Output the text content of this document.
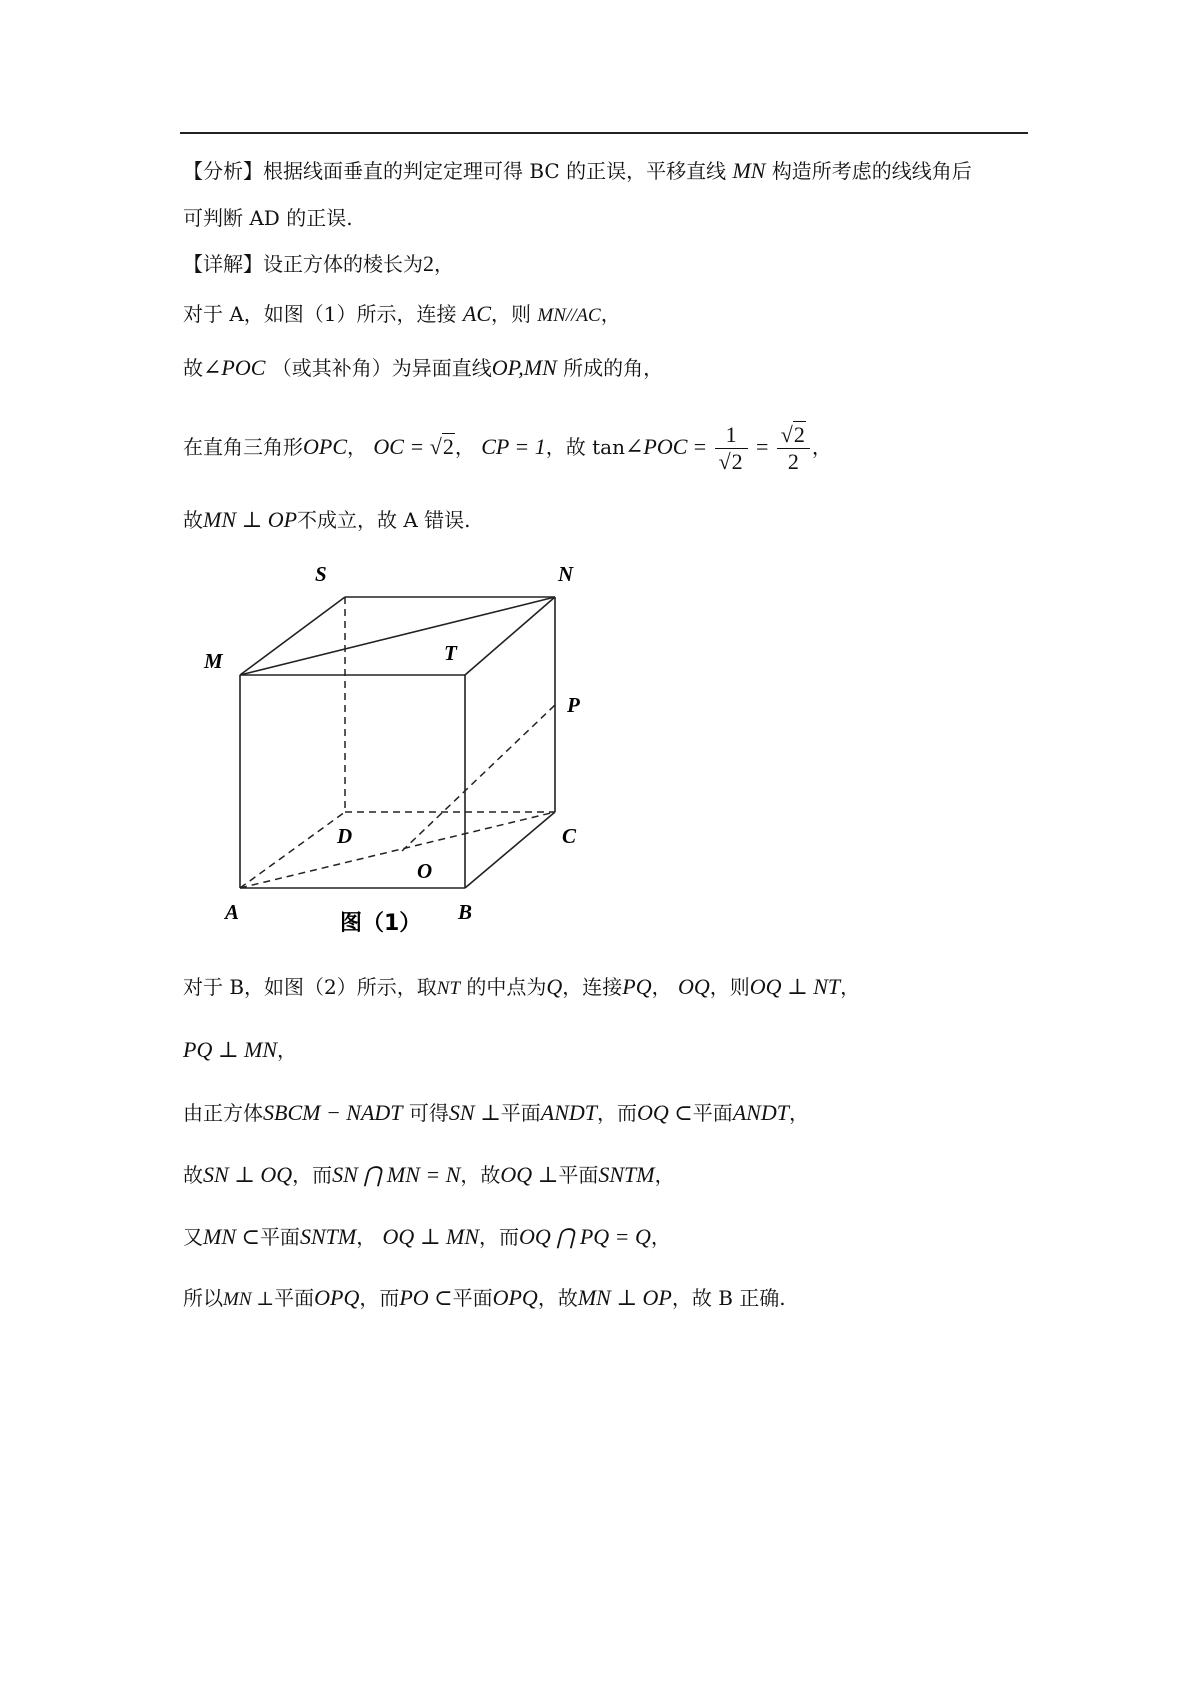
【分析】根据线面垂直的判定定理可得 BC 的正误，平移直线 MN 构造所考虑的线线角后
可判断 AD 的正误.
【详解】设正方体的棱长为2，
对于 A，如图（1）所示，连接 AC，则 MN//AC，
故∠POC （或其补角）为异面直线OP,MN 所成的角，
在直角三角形OPC， OC = √2， CP = 1，故 tan∠POC = $\frac{1}{√2} = \frac{√2}{2}$ ，
故MN ⊥ OP不成立，故 A 错误.
S	N
M	T
P
D	C
O
A	B
图（1）
对于 B，如图（2）所示，取NT 的中点为Q，连接PQ， OQ，则OQ ⊥ NT，
PQ ⊥ MN，
由正方体SBCM − NADT 可得SN ⊥平面ANDT，而OQ ⊂平面ANDT，
故SN ⊥ OQ，而SN ⋂ MN = N，故OQ ⊥平面SNTM，
又MN ⊂平面SNTM， OQ ⊥ MN，而OQ ⋂ PQ = Q，
所以MN ⊥平面OPQ，而PO ⊂平面OPQ，故MN ⊥ OP，故 B 正确.
